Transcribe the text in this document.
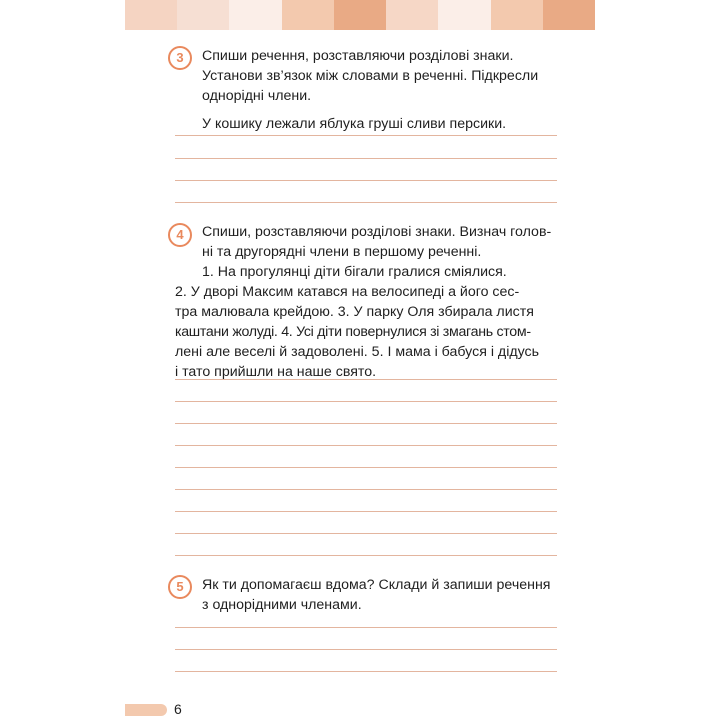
3	Спиши речення, розставляючи розділові знаки.
Установи зв’язок між словами в реченні. Підкресли
однорідні члени.
У кошику лежали яблука груші сливи персики.
4	Спиши, розставляючи розділові знаки. Визнач голов-
ні та другорядні члени в першому реченні.
1. На прогулянці діти бігали гралися сміялися.
2. У дворі Максим катався на велосипеді а його сес-
тра малювала крейдою. 3. У парку Оля збирала листя
каштани жолуді. 4. Усі діти повернулися зі змагань стом-
лені але веселі й задоволені. 5. І мама і бабуся і дідусь
і тато прийшли на наше свято.
5	Як ти допомагаєш вдома? Склади й запиши речення
з однорідними членами.
6
